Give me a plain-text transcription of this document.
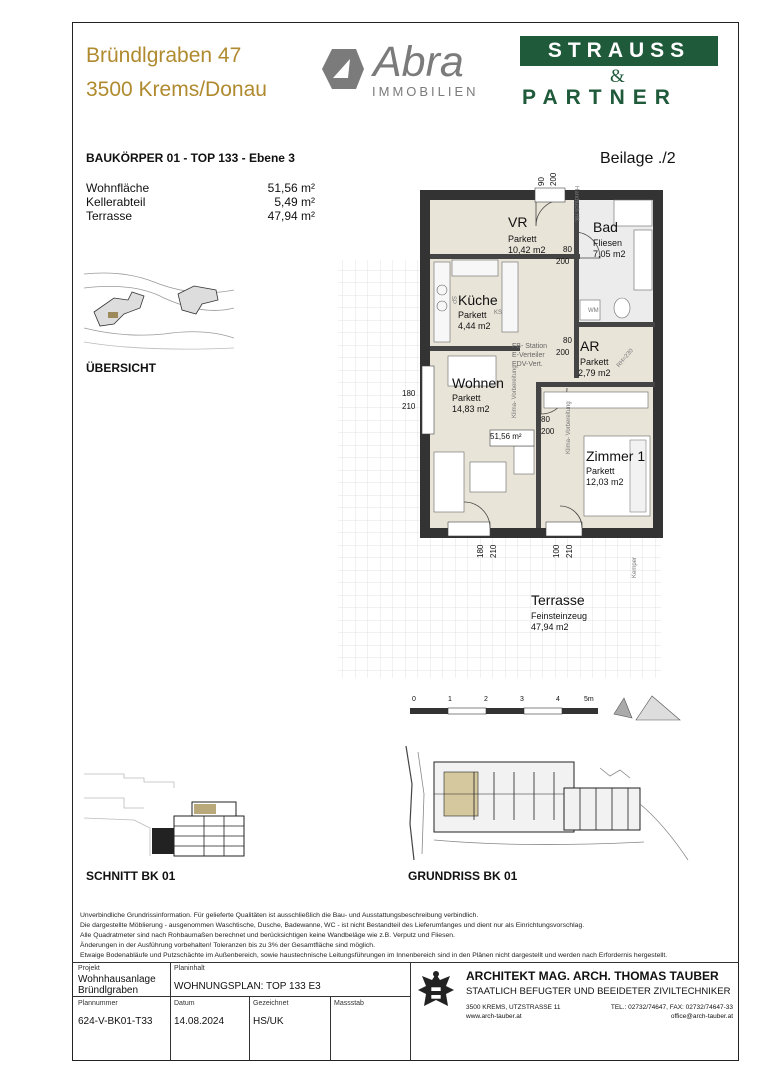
Bründlgraben 47
3500 Krems/Donau
Abra
IMMOBILIEN
STRAUSS
&
PARTNER
BAUKÖRPER 01 - TOP 133 - Ebene 3	Beilage ./2
Wohnfläche	51,56 m²
Kellerabteil	5,49 m²
Terrasse	47,94 m²
ÜBERSICHT
VR
Parkett
10,42 m2
Bad
Fliesen
7,05 m2
Küche
Parkett
4,44 m2
AR
Parkett
2,79 m2
Wohnen
Parkett
14,83 m2
Zimmer 1
Parkett
12,03 m2
Terrasse
Feinsteinzeug
47,94 m2
51,56 m²
FB- Station
E-Verteiler
EDV-Vert.
Handtuch HK
Klima- Vorbereitung
Klima- Vorbereitung
RH=230
Kemper
WM
KS
SP
90 200
80
200
80
200
80
200
180
210
180 210	100 210
0	1	2	3	4	5m
SCHNITT BK 01	GRUNDRISS BK 01
Unverbindliche Grundrissinformation. Für gelieferte Qualitäten ist ausschließlich die Bau- und Ausstattungsbeschreibung verbindlich.
Die dargestellte Möblierung - ausgenommen Waschtische, Dusche, Badewanne, WC - ist nicht Bestandteil des Lieferumfanges und dient nur als Einrichtungsvorschlag.
Alle Quadratmeter sind nach Rohbaumaßen berechnet und berücksichtigen keine Wandbeläge wie z.B. Verputz und Fliesen.
Änderungen in der Ausführung vorbehalten! Toleranzen bis zu 3% der Gesamtfläche sind möglich.
Etwaige Bodenabläufe und Putzschächte im Außenbereich, sowie haustechnische Leitungsführungen im Innenbereich sind in den Plänen nicht dargestellt und werden nach Erfordernis hergestellt.
Projekt
Wohnhausanlage
Bründlgraben
Planinhalt
WOHNUNGSPLAN: TOP 133 E3
Plannummer
624-V-BK01-T33
Datum
14.08.2024
Gezeichnet
HS/UK
Massstab
ARCHITEKT MAG. ARCH. THOMAS TAUBER
STAATLICH BEFUGTER UND BEEIDETER ZIVILTECHNIKER
3500 KREMS, UTZSTRASSE 11
www.arch-tauber.at
TEL.: 02732/74647, FAX: 02732/74647-33
office@arch-tauber.at
